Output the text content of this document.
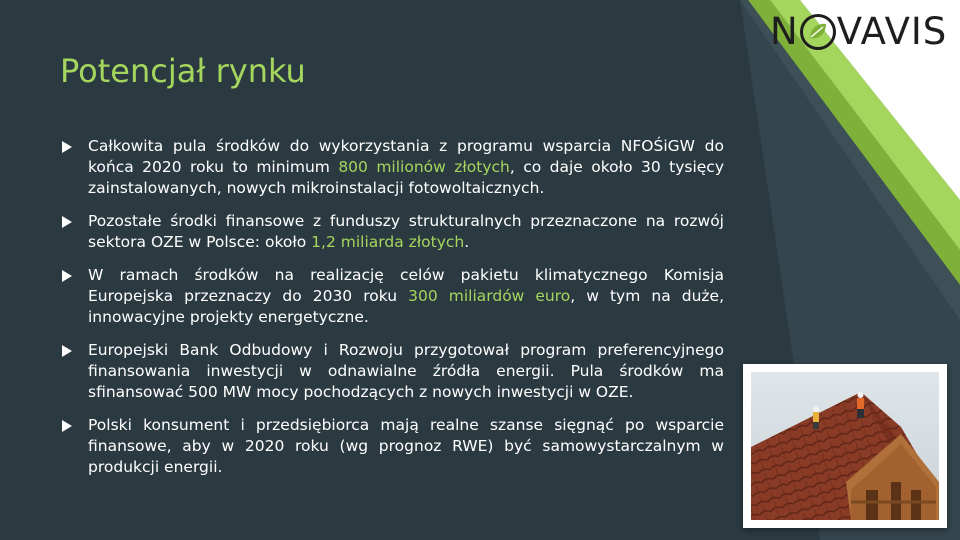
N VAVIS
Potencjał rynku
Całkowita pula środków do wykorzystania z programu wsparcia NFOŚiGW do końca 2020 roku to minimum 800 milionów złotych, co daje około 30 tysięcy zainstalowanych, nowych mikroinstalacji fotowoltaicznych.
Pozostałe środki finansowe z funduszy strukturalnych przeznaczone na rozwój sektora OZE w Polsce: około 1,2 miliarda złotych.
W ramach środków na realizację celów pakietu klimatycznego Komisja Europejska przeznaczy do 2030 roku 300 miliardów euro, w tym na duże, innowacyjne projekty energetyczne.
Europejski Bank Odbudowy i Rozwoju przygotował program preferencyjnego finansowania inwestycji w odnawialne źródła energii. Pula środków ma sfinansować 500 MW mocy pochodzących z nowych inwestycji w OZE.
Polski konsument i przedsiębiorca mają realne szanse sięgnąć po wsparcie finansowe, aby w 2020 roku (wg prognoz RWE) być samowystarczalnym w produkcji energii.
